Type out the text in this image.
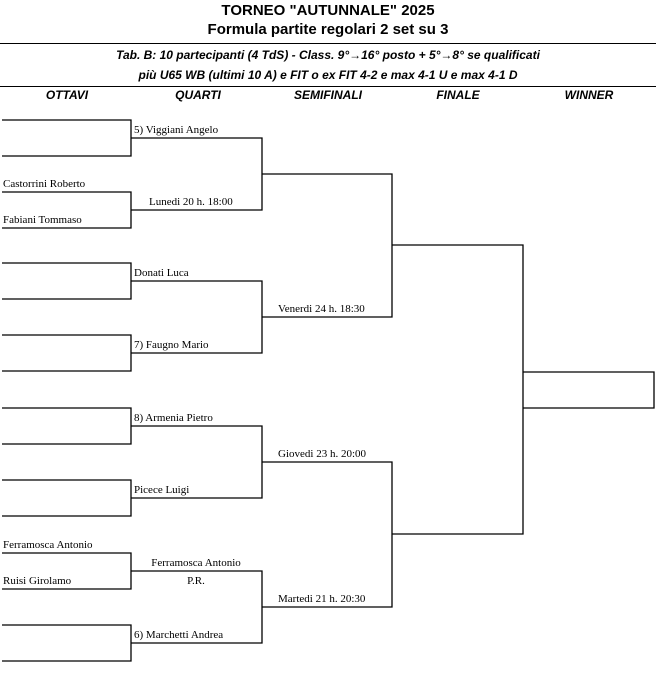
TORNEO "AUTUNNALE" 2025
Formula partite regolari 2 set su 3
Tab. B: 10 partecipanti (4 TdS) - Class. 9°→16° posto + 5°→8° se qualificati
più U65 WB (ultimi 10 A) e FIT o ex FIT 4-2 e max 4-1 U e max 4-1 D
OTTAVI	QUARTI	SEMIFINALI	FINALE	WINNER
Castorrini Roberto
Fabiani Tommaso
Ferramosca Antonio
Ruisi Girolamo
5) Viggiani Angelo
Lunedi 20 h. 18:00
Donati Luca
7) Faugno Mario
8) Armenia Pietro
Picece Luigi
Ferramosca Antonio
P.R.
6) Marchetti Andrea
Venerdi 24 h. 18:30
Giovedi 23 h. 20:00
Martedi 21 h. 20:30
